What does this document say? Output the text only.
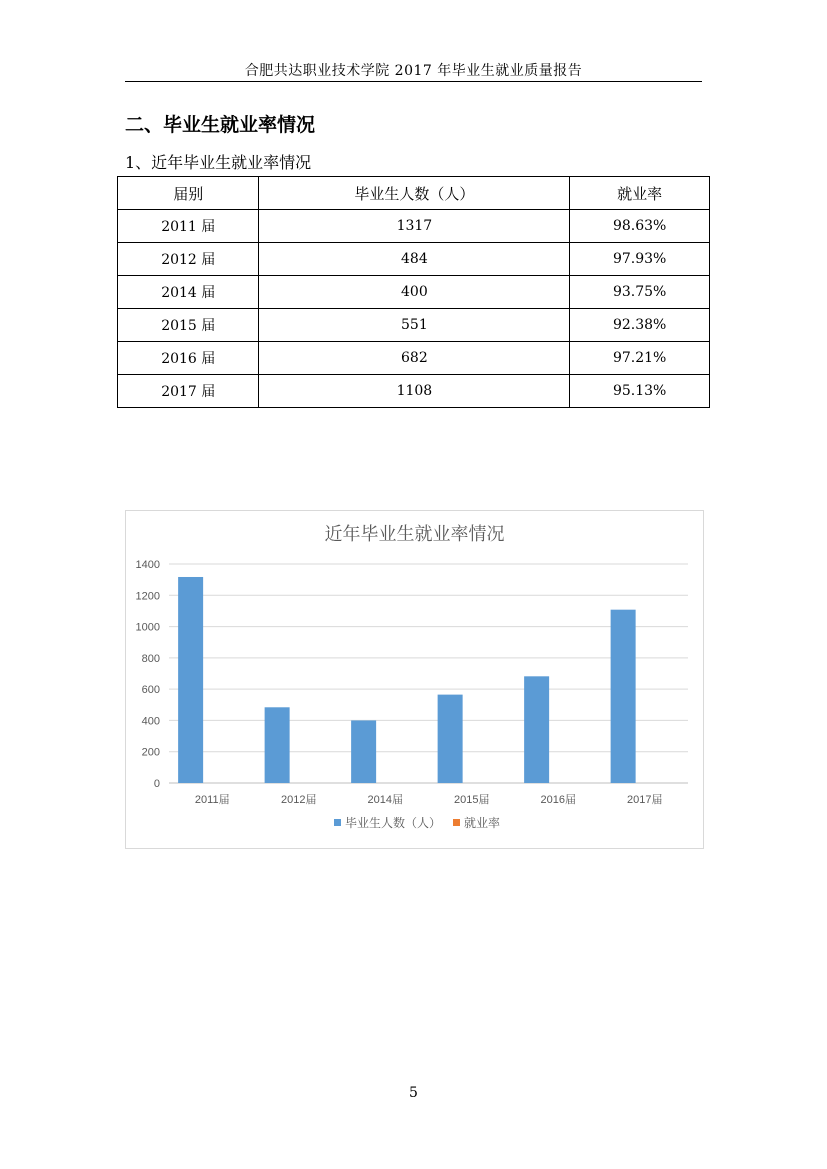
合肥共达职业技术学院 2017 年毕业生就业质量报告
二、毕业生就业率情况
1、近年毕业生就业率情况
届别	毕业生人数（人）	就业率
2011 届	1317	98.63%
2012 届	484	97.93%
2014 届	400	93.75%
2015 届	551	92.38%
2016 届	682	97.21%
2017 届	1108	95.13%
近年毕业生就业率情况
0
200
400
600
800
1000
1200
1400
2011届	2012届	2014届	2015届	2016届	2017届
毕业生人数（人） 就业率
5
